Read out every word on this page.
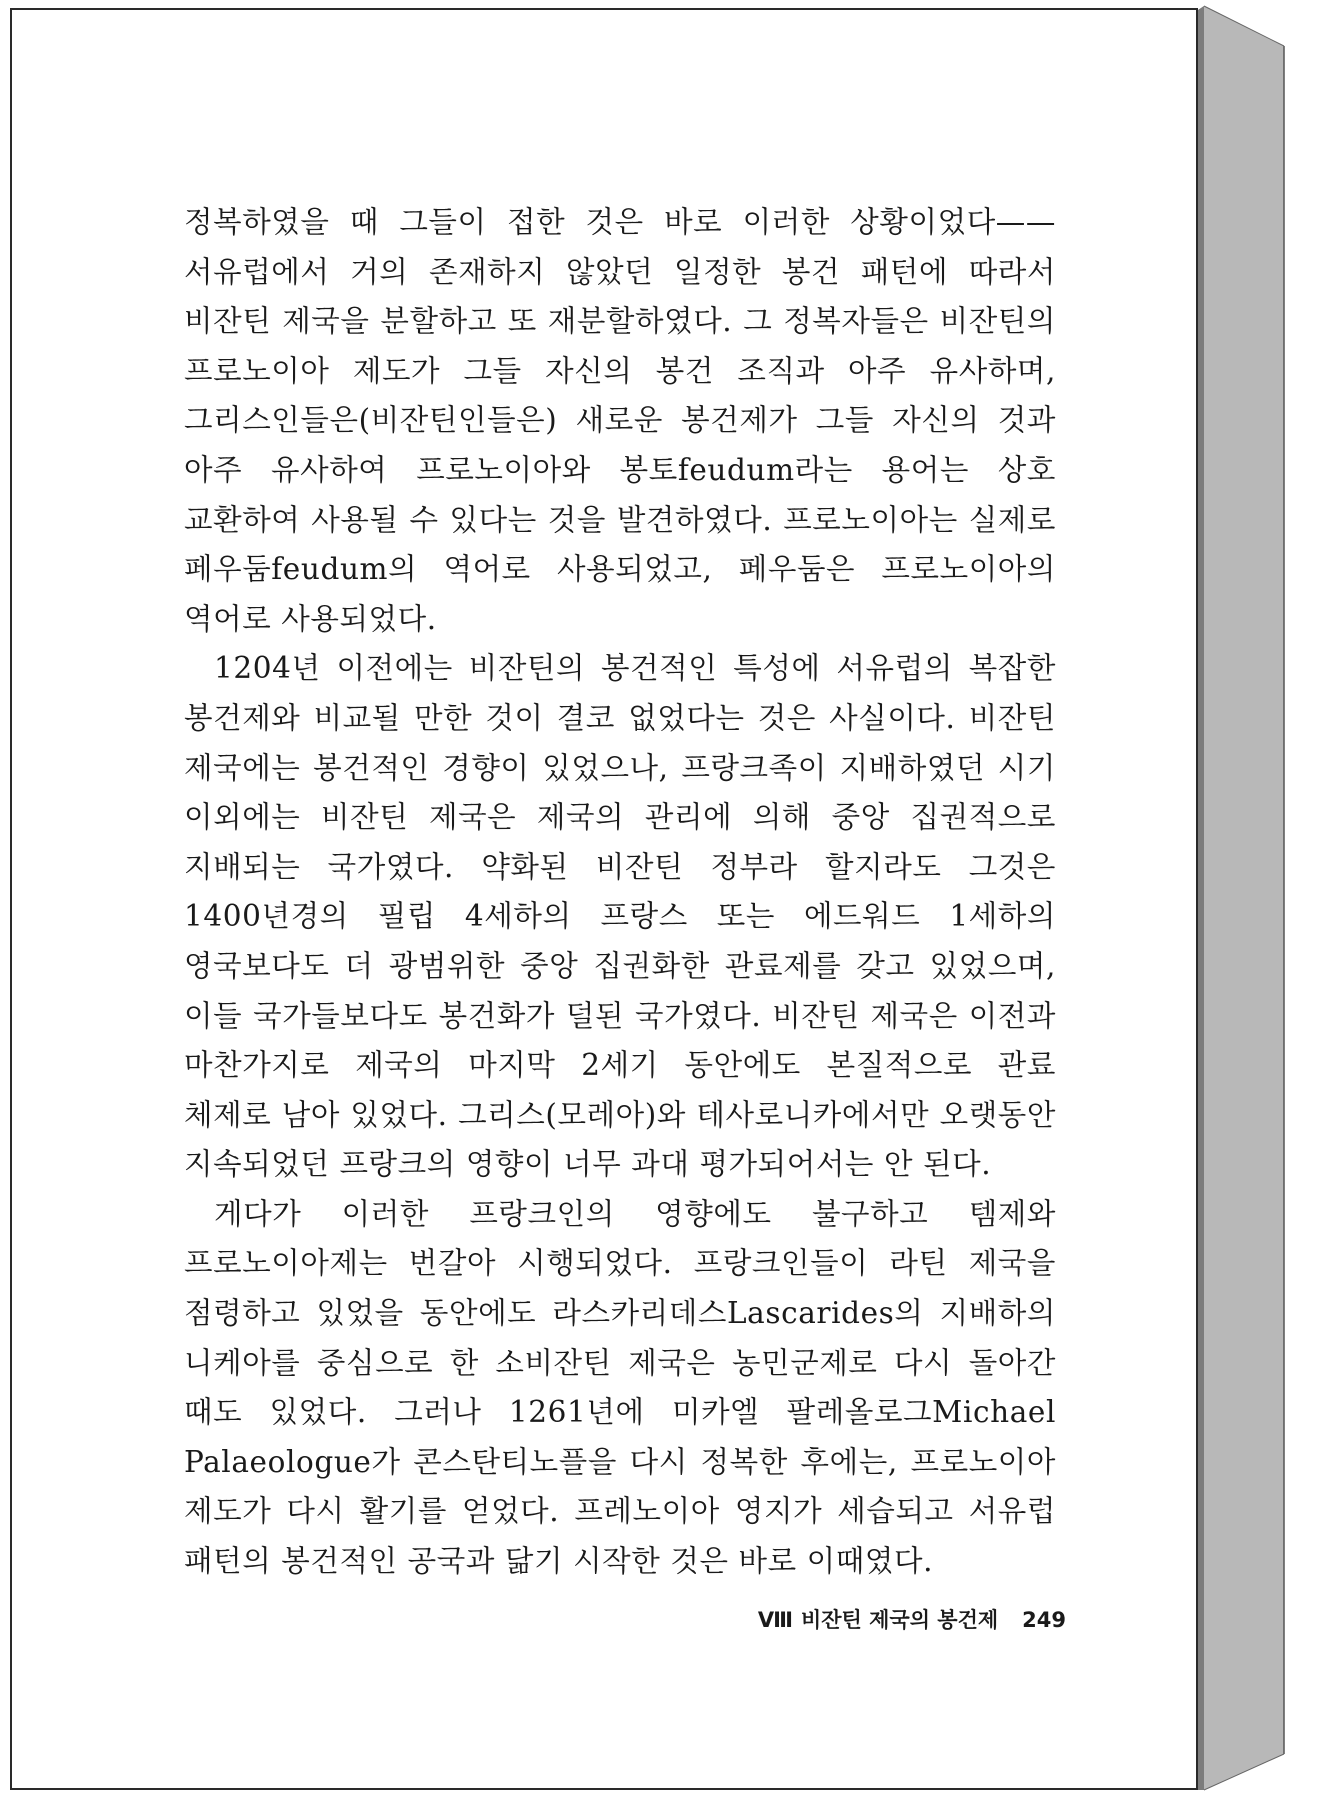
정복하였을 때 그들이 접한 것은 바로 이러한 상황이었다——서유럽에서 거의 존재하지 않았던 일정한 봉건 패턴에 따라서 비잔틴 제국을 분할하고 또 재분할하였다. 그 정복자들은 비잔틴의 프로노이아 제도가 그들 자신의 봉건 조직과 아주 유사하며, 그리스인들은(비잔틴인들은) 새로운 봉건제가 그들 자신의 것과 아주 유사하여 프로노이아와 봉토feudum라는 용어는 상호 교환하여 사용될 수 있다는 것을 발견하였다. 프로노이아는 실제로 페우둠feudum의 역어로 사용되었고, 페우둠은 프로노이아의 역어로 사용되었다.

1204년 이전에는 비잔틴의 봉건적인 특성에 서유럽의 복잡한 봉건제와 비교될 만한 것이 결코 없었다는 것은 사실이다. 비잔틴 제국에는 봉건적인 경향이 있었으나, 프랑크족이 지배하였던 시기 이외에는 비잔틴 제국은 제국의 관리에 의해 중앙 집권적으로 지배되는 국가였다. 약화된 비잔틴 정부라 할지라도 그것은 1400년경의 필립 4세하의 프랑스 또는 에드워드 1세하의 영국보다도 더 광범위한 중앙 집권화한 관료제를 갖고 있었으며, 이들 국가들보다도 봉건화가 덜된 국가였다. 비잔틴 제국은 이전과 마찬가지로 제국의 마지막 2세기 동안에도 본질적으로 관료 체제로 남아 있었다. 그리스(모레아)와 테사로니카에서만 오랫동안 지속되었던 프랑크의 영향이 너무 과대 평가되어서는 안 된다.

게다가 이러한 프랑크인의 영향에도 불구하고 템제와 프로노이아제는 번갈아 시행되었다. 프랑크인들이 라틴 제국을 점령하고 있었을 동안에도 라스카리데스Lascarides의 지배하의 니케아를 중심으로 한 소비잔틴 제국은 농민군제로 다시 돌아간 때도 있었다. 그러나 1261년에 미카엘 팔레올로그Michael Palaeologue가 콘스탄티노플을 다시 정복한 후에는, 프로노이아 제도가 다시 활기를 얻었다. 프레노이아 영지가 세습되고 서유럽 패턴의 봉건적인 공국과 닮기 시작한 것은 바로 이때였다.

Ⅷ 비잔틴 제국의 봉건제 249
